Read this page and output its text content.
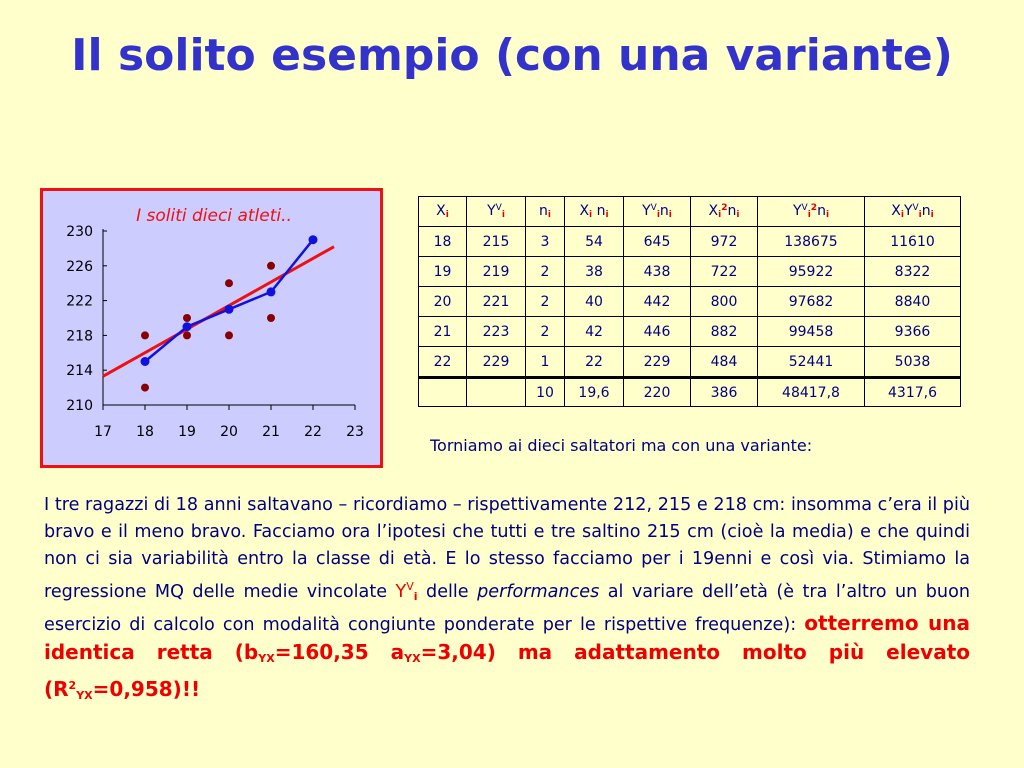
Il solito esempio (con una variante)
I soliti dieci atleti..
210
214
218
222
226
230
17 18 19 20 21 22 23
$X_i$	$Y^V_i$	$n_i$	$X_i$ $n_i$	$Y^V_in_i$	$X_i^2n_i$	$Y^V_i^2n_i$	$X_iY^V_in_i$
18	215	3	54	645	972	138675	11610
19	219	2	38	438	722	95922	8322
20	221	2	40	442	800	97682	8840
21	223	2	42	446	882	99458	9366
22	229	1	22	229	484	52441	5038
		10	19,6	220	386	48417,8	4317,6
Torniamo ai dieci saltatori ma con una variante:
I tre ragazzi di 18 anni saltavano – ricordiamo – rispettivamente 212, 215 e 218 cm: insomma c’era il più bravo e il meno bravo. Facciamo ora l’ipotesi che tutti e tre saltino 215 cm (cioè la media) e che quindi non ci sia variabilità entro la classe di età. E lo stesso facciamo per i 19enni e così via. Stimiamo la regressione MQ delle medie vincolate $Y^Vi$ delle performances al variare dell’età (è tra l’altro un buon esercizio di calcolo con modalità congiunte ponderate per le rispettive frequenze): otterremo una identica retta (bYX=160,35 aYX=3,04) ma adattamento molto più elevato $(R^2YX=0,958)$!!
